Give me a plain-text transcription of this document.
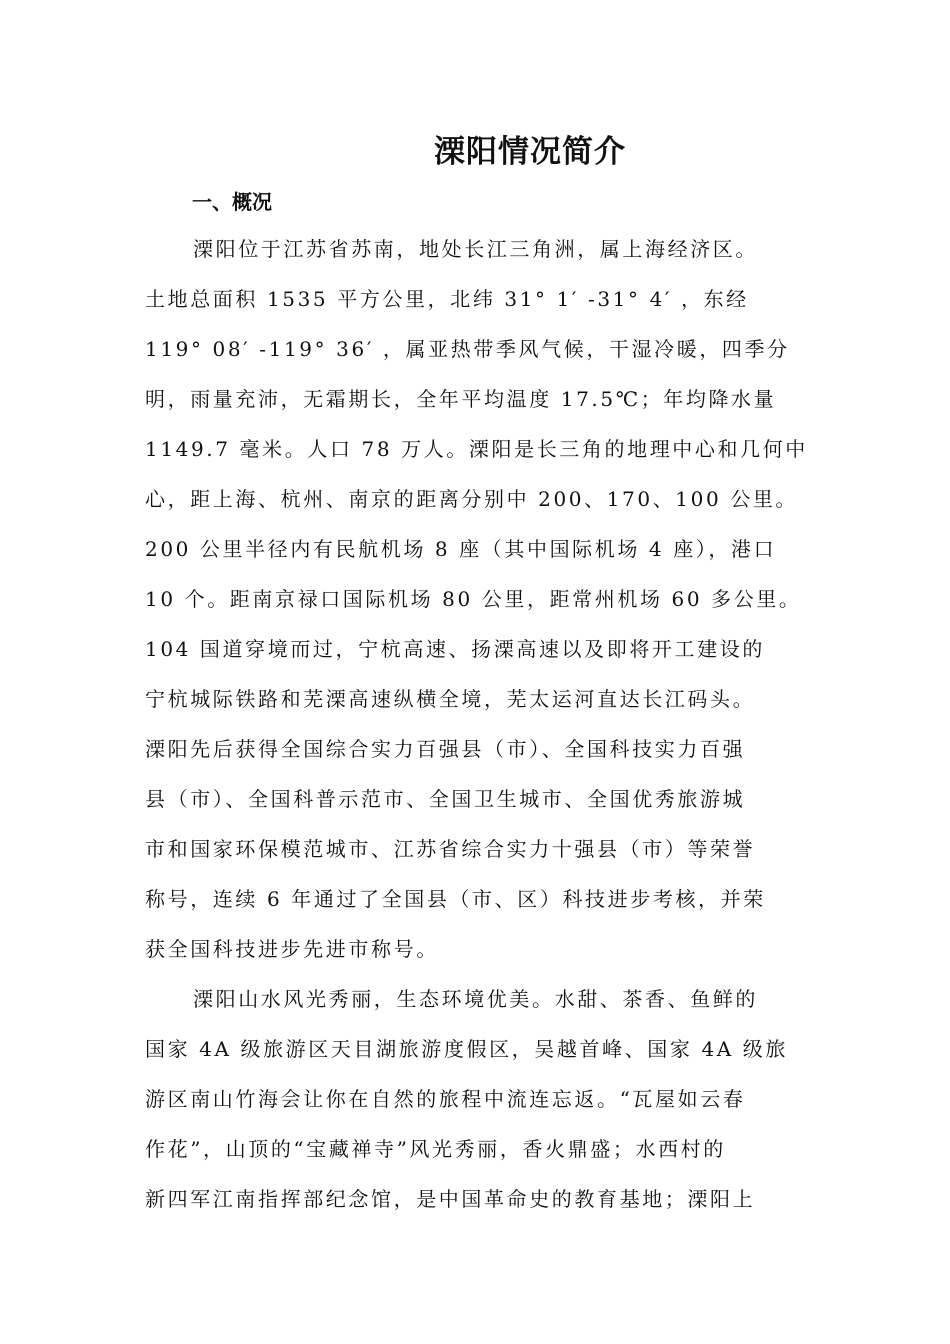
溧阳情况简介
一、概况
溧阳位于江苏省苏南，地处长江三角洲，属上海经济区。
土地总面积 1535 平方公里，北纬 31° 1′ -31° 4′ ，东经
119° 08′ -119° 36′ ，属亚热带季风气候，干湿冷暖，四季分
明，雨量充沛，无霜期长，全年平均温度 17.5℃；年均降水量
1149.7 毫米。人口 78 万人。溧阳是长三角的地理中心和几何中
心，距上海、杭州、南京的距离分别中 200、170、100 公里。
200 公里半径内有民航机场 8 座（其中国际机场 4 座），港口
10 个。距南京禄口国际机场 80 公里，距常州机场 60 多公里。
104 国道穿境而过，宁杭高速、扬溧高速以及即将开工建设的
宁杭城际铁路和芜溧高速纵横全境，芜太运河直达长江码头。
溧阳先后获得全国综合实力百强县（市）、全国科技实力百强
县（市）、全国科普示范市、全国卫生城市、全国优秀旅游城
市和国家环保模范城市、江苏省综合实力十强县（市）等荣誉
称号，连续 6 年通过了全国县（市、区）科技进步考核，并荣
获全国科技进步先进市称号。
溧阳山水风光秀丽，生态环境优美。水甜、茶香、鱼鲜的
国家 4A 级旅游区天目湖旅游度假区，吴越首峰、国家 4A 级旅
游区南山竹海会让你在自然的旅程中流连忘返。“瓦屋如云春
作花”，山顶的“宝藏禅寺”风光秀丽，香火鼎盛；水西村的
新四军江南指挥部纪念馆，是中国革命史的教育基地；溧阳上
